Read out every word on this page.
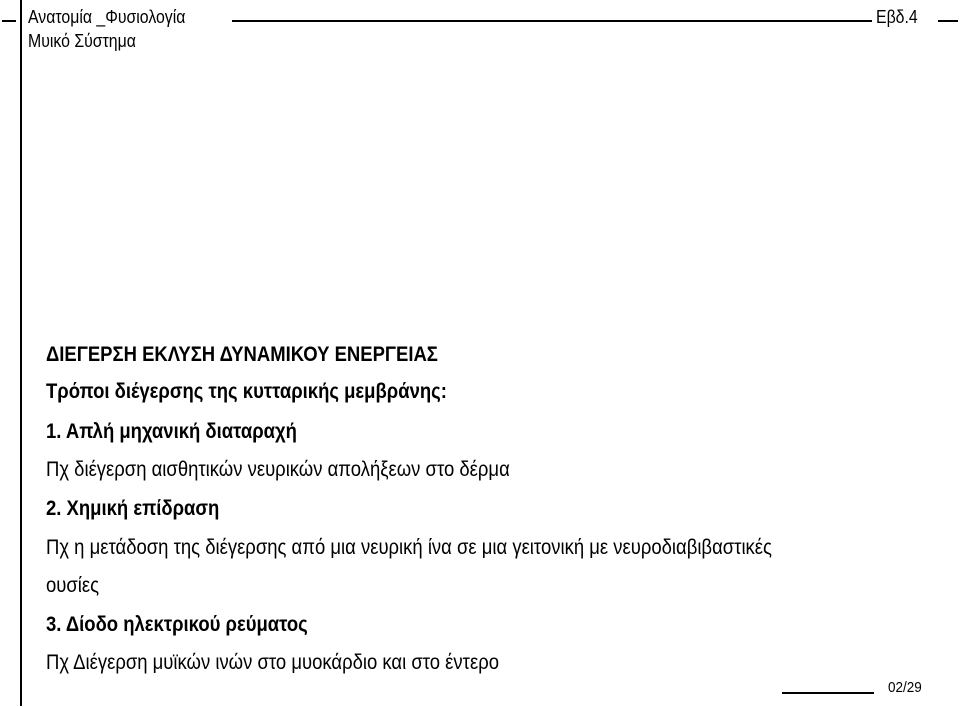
Ανατομία _Φυσιολογία
Μυικό Σύστημα
Εβδ.4
ΔΙΕΓΕΡΣΗ ΕΚΛΥΣΗ ΔΥΝΑΜΙΚΟΥ ΕΝΕΡΓΕΙΑΣ
Τρόποι διέγερσης της κυτταρικής μεμβράνης:
1. Απλή μηχανική διαταραχή
Πχ διέγερση αισθητικών νευρικών απολήξεων στο δέρμα
2. Χημική επίδραση
Πχ η μετάδοση της διέγερσης από μια νευρική ίνα σε μια γειτονική με νευροδιαβιβαστικές
ουσίες
3. Δίοδο ηλεκτρικού ρεύματος
Πχ Διέγερση μυϊκών ινών στο μυοκάρδιο και στο έντερο
02/29
